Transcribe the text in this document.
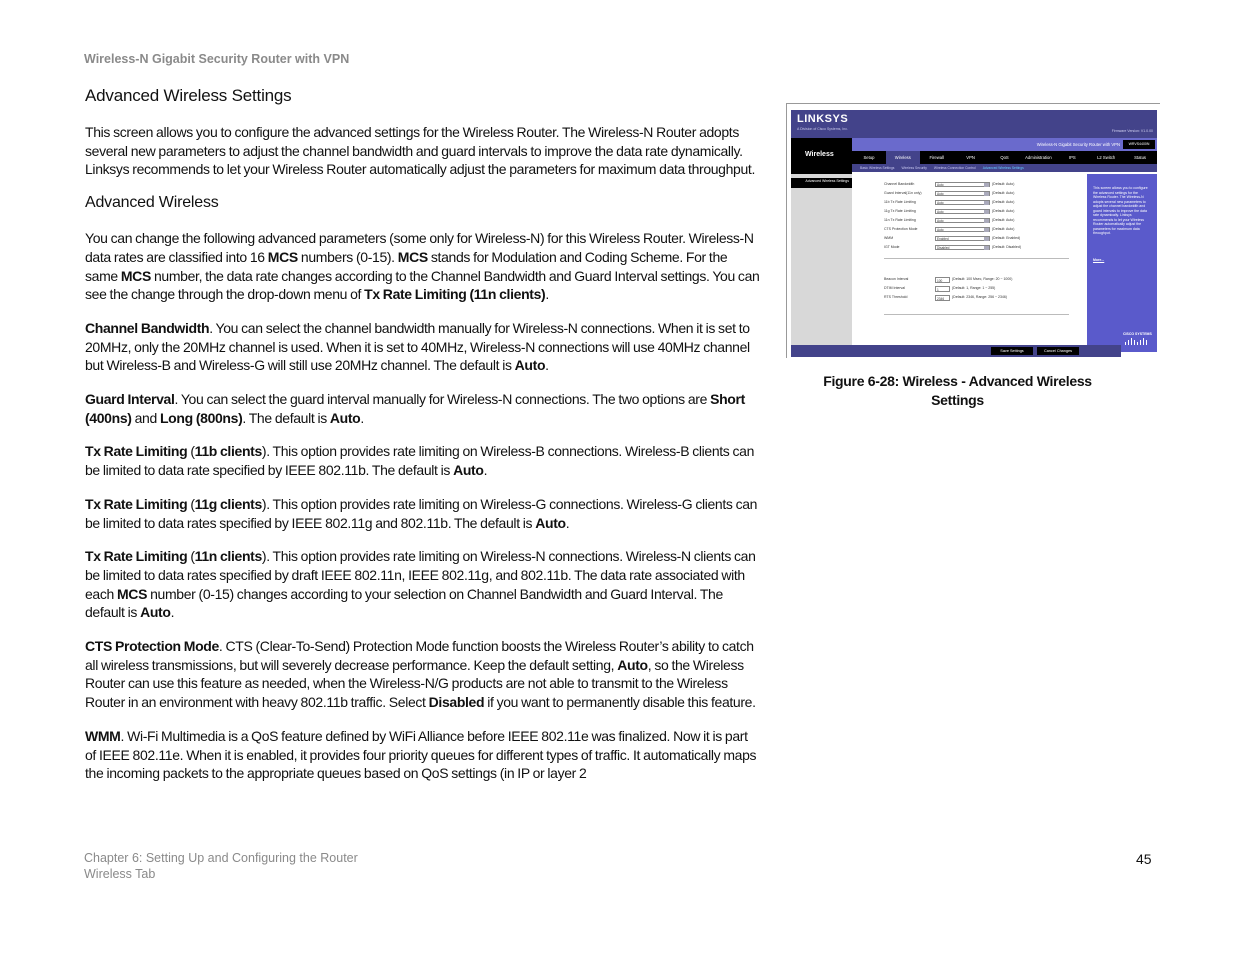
Wireless-N Gigabit Security Router with VPN
Advanced Wireless Settings

This screen allows you to configure the advanced settings for the Wireless Router. The Wireless-N Router adopts several new parameters to adjust the channel bandwidth and guard intervals to improve the data rate dynamically. Linksys recommends to let your Wireless Router automatically adjust the parameters for maximum data throughput.

Advanced Wireless

You can change the following advanced parameters (some only for Wireless-N) for this Wireless Router. Wireless-N data rates are classified into 16 MCS numbers (0-15). MCS stands for Modulation and Coding Scheme. For the same MCS number, the data rate changes according to the Channel Bandwidth and Guard Interval settings. You can see the change through the drop-down menu of Tx Rate Limiting (11n clients).

Channel Bandwidth. You can select the channel bandwidth manually for Wireless-N connections. When it is set to 20MHz, only the 20MHz channel is used. When it is set to 40MHz, Wireless-N connections will use 40MHz channel but Wireless-B and Wireless-G will still use 20MHz channel. The default is Auto.

Guard Interval. You can select the guard interval manually for Wireless-N connections. The two options are Short (400ns) and Long (800ns). The default is Auto.

Tx Rate Limiting (11b clients). This option provides rate limiting on Wireless-B connections. Wireless-B clients can be limited to data rate specified by IEEE 802.11b. The default is Auto.

Tx Rate Limiting (11g clients). This option provides rate limiting on Wireless-G connections. Wireless-G clients can be limited to data rates specified by IEEE 802.11g and 802.11b. The default is Auto.

Tx Rate Limiting (11n clients). This option provides rate limiting on Wireless-N connections. Wireless-N clients can be limited to data rates specified by draft IEEE 802.11n, IEEE 802.11g, and 802.11b. The data rate associated with each MCS number (0-15) changes according to your selection on Channel Bandwidth and Guard Interval. The default is Auto.

CTS Protection Mode. CTS (Clear-To-Send) Protection Mode function boosts the Wireless Router’s ability to catch all wireless transmissions, but will severely decrease performance. Keep the default setting, Auto, so the Wireless Router can use this feature as needed, when the Wireless-N/G products are not able to transmit to the Wireless Router in an environment with heavy 802.11b traffic. Select Disabled if you want to permanently disable this feature.

WMM. Wi-Fi Multimedia is a QoS feature defined by WiFi Alliance before IEEE 802.11e was finalized. Now it is part of IEEE 802.11e. When it is enabled, it provides four priority queues for different types of traffic. It automatically maps the incoming packets to the appropriate queues based on QoS settings (in IP or layer 2

LINKSYS
A Division of Cisco Systems, Inc.	Firmware Version: V1.0.00
Wireless
Wireless-N Gigabit Security Router with VPN	WRVS4400N
Setup	Wireless	Firewall	VPN	QoS	Administration	IPS	L2 Switch	Status
Basic Wireless Settings Wireless Security Wireless Connection Control Advanced Wireless Settings
Advanced Wireless Settings
Channel Bandwidth	Auto	(Default: Auto)
Guard Interval(11n only)	Auto	(Default: Auto)
11b Tx Rate Limiting	Auto	(Default: Auto)
11g Tx Rate Limiting	Auto	(Default: Auto)
11n Tx Rate Limiting	Auto	(Default: Auto)
CTS Protection Mode	Auto	(Default: Auto)
WMM	Enabled	(Default: Enabled)
IGT Mode	Disabled	(Default: Disabled)
Beacon Interval	100	(Default: 100 Msec, Range: 20 ~ 1000)
DTIM Interval	1	(Default: 1, Range: 1 ~ 255)
RTS Threshold	2346	(Default: 2346, Range: 256 ~ 2346)
This screen allows you to configure the advanced settings for the Wireless Router. The Wireless-N adopts several new parameters to adjust the channel bandwidth and guard intervals to improve the data rate dynamically. Linksys recommends to let your Wireless Router automatically adjust the parameters for maximum data throughput.
More...
CISCO SYSTEMS
Save Settings	Cancel Changes
Figure 6-28: Wireless - Advanced Wireless
Settings
Chapter 6: Setting Up and Configuring the Router
Wireless Tab
45
